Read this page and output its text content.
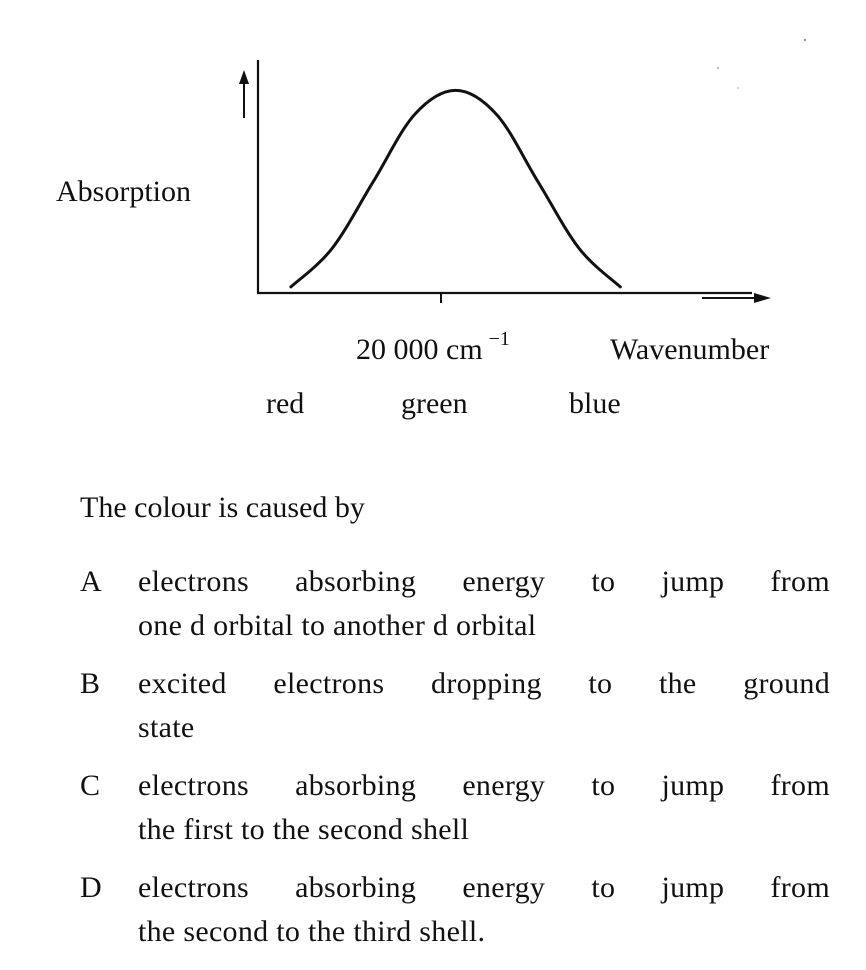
Absorption
20 000 cm $^{-1}$	Wavenumber
red	green	blue

The colour is caused by

A	electrons absorbing energy to jump from
one d orbital to another d orbital
B	excited electrons dropping to the ground
state
C	electrons absorbing energy to jump from
the first to the second shell
D	electrons absorbing energy to jump from
the second to the third shell.
